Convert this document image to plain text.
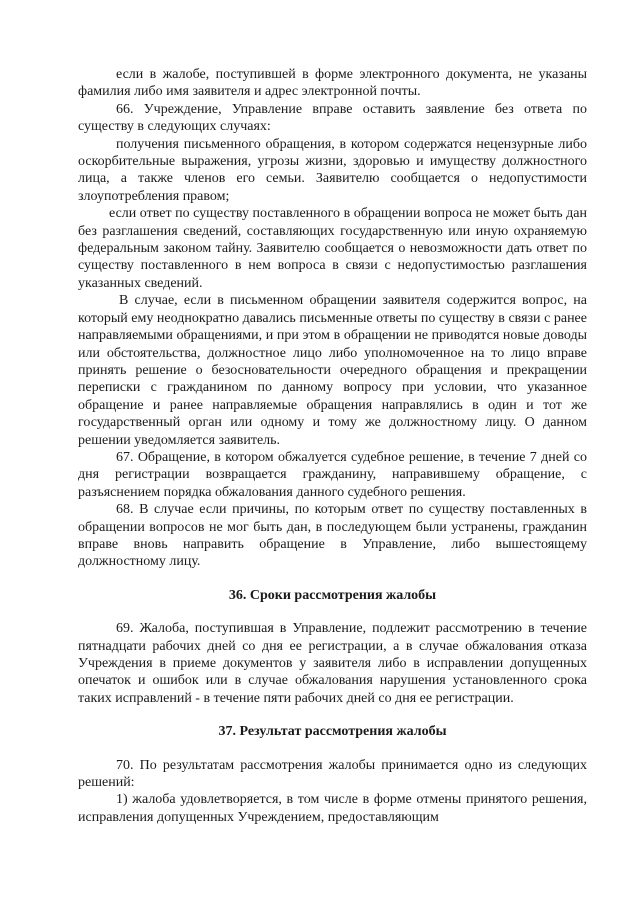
если в жалобе, поступившей в форме электронного документа, не указаны фамилия либо имя заявителя и адрес электронной почты.

66. Учреждение, Управление вправе оставить заявление без ответа по существу в следующих случаях:

получения письменного обращения, в котором содержатся нецензурные либо оскорбительные выражения, угрозы жизни, здоровью и имуществу должностного лица, а также членов его семьи. Заявителю сообщается о недопустимости злоупотребления правом;

если ответ по существу поставленного в обращении вопроса не может быть дан без разглашения сведений, составляющих государственную или иную охраняемую федеральным законом тайну. Заявителю сообщается о невозможности дать ответ по существу поставленного в нем вопроса в связи с недопустимостью разглашения указанных сведений.

В случае, если в письменном обращении заявителя содержится вопрос, на который ему неоднократно давались письменные ответы по существу в связи с ранее направляемыми обращениями, и при этом в обращении не приводятся новые доводы или обстоятельства, должностное лицо либо уполномоченное на то лицо вправе принять решение о безосновательности очередного обращения и прекращении переписки с гражданином по данному вопросу при условии, что указанное обращение и ранее направляемые обращения направлялись в один и тот же государственный орган или одному и тому же должностному лицу. О данном решении уведомляется заявитель.

67. Обращение, в котором обжалуется судебное решение, в течение 7 дней со дня регистрации возвращается гражданину, направившему обращение, с разъяснением порядка обжалования данного судебного решения.

68. В случае если причины, по которым ответ по существу поставленных в обращении вопросов не мог быть дан, в последующем были устранены, гражданин вправе вновь направить обращение в Управление, либо вышестоящему должностному лицу.

36. Сроки рассмотрения жалобы

69. Жалоба, поступившая в Управление, подлежит рассмотрению в течение пятнадцати рабочих дней со дня ее регистрации, а в случае обжалования отказа Учреждения в приеме документов у заявителя либо в исправлении допущенных опечаток и ошибок или в случае обжалования нарушения установленного срока таких исправлений - в течение пяти рабочих дней со дня ее регистрации.

37. Результат рассмотрения жалобы

70. По результатам рассмотрения жалобы принимается одно из следующих решений:

1) жалоба удовлетворяется, в том числе в форме отмены принятого решения, исправления допущенных Учреждением, предоставляющим
